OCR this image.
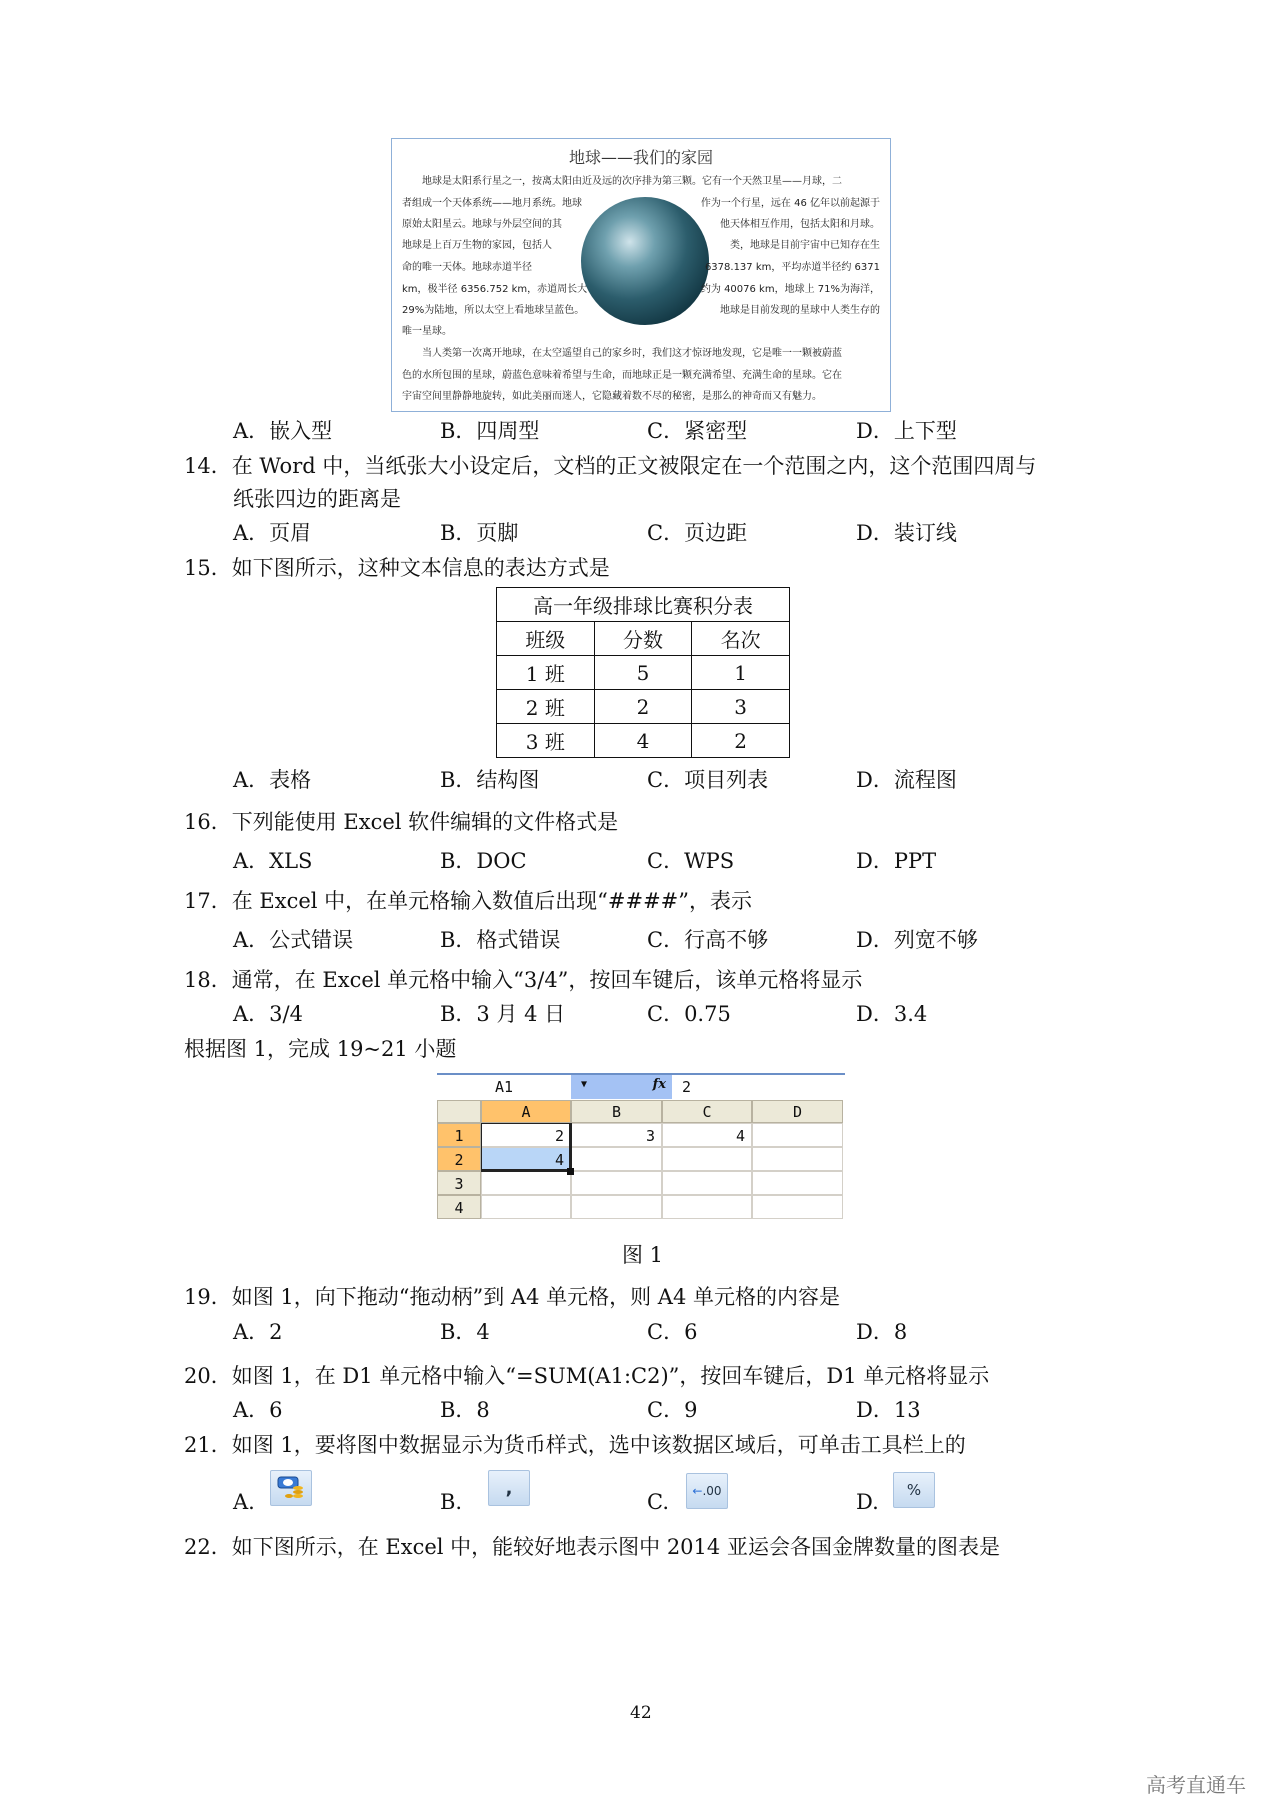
地球——我们的家园
　　地球是太阳系行星之一，按离太阳由近及远的次序排为第三颗。它有一个天然卫星——月球，二
者组成一个天体系统——地月系统。地球	作为一个行星，远在 46 亿年以前起源于
原始太阳星云。地球与外层空间的其	他天体相互作用，包括太阳和月球。
地球是上百万生物的家园，包括人	类，地球是目前宇宙中已知存在生
命的唯一天体。地球赤道半径	6378.137 km，平均赤道半径约 6371
km，极半径 6356.752 km，赤道周长大	约为 40076 km，地球上 71%为海洋，
29%为陆地，所以太空上看地球呈蓝色。	地球是目前发现的星球中人类生存的
唯一星球。
　　当人类第一次离开地球，在太空遥望自己的家乡时，我们这才惊讶地发现，它是唯一一颗被蔚蓝
色的水所包围的星球，蔚蓝色意味着希望与生命，而地球正是一颗充满希望、充满生命的星球。它在
宇宙空间里静静地旋转，如此美丽而迷人，它隐藏着数不尽的秘密，是那么的神奇而又有魅力。
A．嵌入型	B．四周型	C．紧密型	D．上下型
14．在 Word 中，当纸张大小设定后，文档的正文被限定在一个范围之内，这个范围四周与
纸张四边的距离是
A．页眉	B．页脚	C．页边距	D．装订线
15．如下图所示，这种文本信息的表达方式是
高一年级排球比赛积分表		
班级	分数	名次
1 班	5	1
2 班	2	3
3 班	4	2
A．表格	B．结构图	C．项目列表	D．流程图
16．下列能使用 Excel 软件编辑的文件格式是
A．XLS	B．DOC	C．WPS	D．PPT
17．在 Excel 中，在单元格输入数值后出现“####”，表示
A．公式错误	B．格式错误	C．行高不够	D．列宽不够
18．通常，在 Excel 单元格中输入“3/4”，按回车键后，该单元格将显示
A．3/4	B．3 月 4 日	C．0.75	D．3.4
根据图 1，完成 19~21 小题
A1	▼	fx 2
A	B	C	D
1	2	3	4
2	4
3
4
图 1
19．如图 1，向下拖动“拖动柄”到 A4 单元格，则 A4 单元格的内容是
A．2	B．4	C．6	D．8
20．如图 1，在 D1 单元格中输入“=SUM(A1:C2)”，按回车键后，D1 单元格将显示
A．6	B．8	C．9	D．13
21．如图 1，要将图中数据显示为货币样式，选中该数据区域后，可单击工具栏上的
A.	B.
,
C. ← .00	D.	%
22．如下图所示，在 Excel 中，能较好地表示图中 2014 亚运会各国金牌数量的图表是
42
高考直通车
